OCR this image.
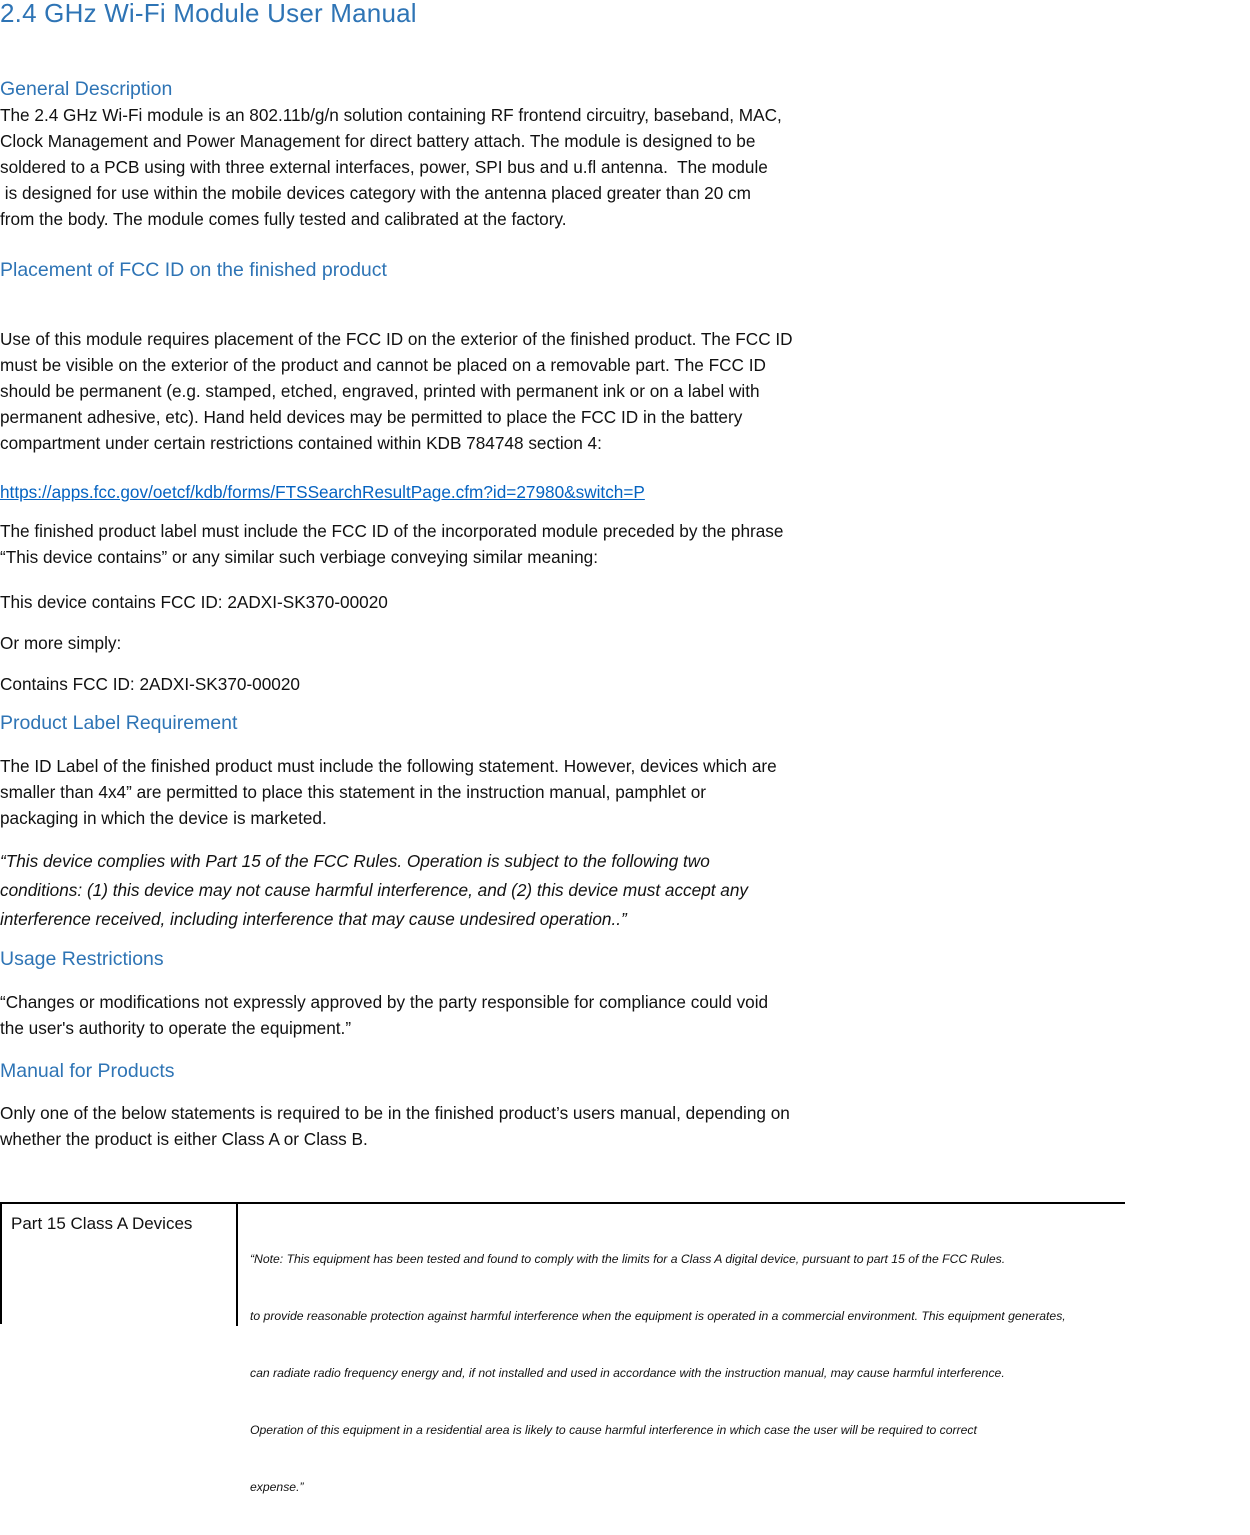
2.4 GHz Wi-Fi Module User Manual
General Description
The 2.4 GHz Wi-Fi module is an 802.11b/g/n solution containing RF frontend circuitry, baseband, MAC,
Clock Management and Power Management for direct battery attach. The module is designed to be
soldered to a PCB using with three external interfaces, power, SPI bus and u.fl antenna.  The module
is designed for use within the mobile devices category with the antenna placed greater than 20 cm
from the body. The module comes fully tested and calibrated at the factory.
Placement of FCC ID on the finished product
Use of this module requires placement of the FCC ID on the exterior of the finished product. The FCC ID
must be visible on the exterior of the product and cannot be placed on a removable part. The FCC ID
should be permanent (e.g. stamped, etched, engraved, printed with permanent ink or on a label with
permanent adhesive, etc). Hand held devices may be permitted to place the FCC ID in the battery
compartment under certain restrictions contained within KDB 784748 section 4:
https://apps.fcc.gov/oetcf/kdb/forms/FTSSearchResultPage.cfm?id=27980&switch=P
The finished product label must include the FCC ID of the incorporated module preceded by the phrase
“This device contains” or any similar such verbiage conveying similar meaning:
This device contains FCC ID: 2ADXI-SK370-00020
Or more simply:
Contains FCC ID: 2ADXI-SK370-00020
Product Label Requirement
The ID Label of the finished product must include the following statement. However, devices which are
smaller than 4x4” are permitted to place this statement in the instruction manual, pamphlet or
packaging in which the device is marketed.
“This device complies with Part 15 of the FCC Rules. Operation is subject to the following two
conditions: (1) this device may not cause harmful interference, and (2) this device must accept any
interference received, including interference that may cause undesired operation..”
Usage Restrictions
“Changes or modifications not expressly approved by the party responsible for compliance could void
the user's authority to operate the equipment.”
Manual for Products
Only one of the below statements is required to be in the finished product’s users manual, depending on
whether the product is either Class A or Class B.
Part 15 Class A Devices

“Note: This equipment has been tested and found to comply with the limits for a Class A digital device, pursuant to part 15 of the FCC Rules.

to provide reasonable protection against harmful interference when the equipment is operated in a commercial environment. This equipment generates,

can radiate radio frequency energy and, if not installed and used in accordance with the instruction manual, may cause harmful interference.

Operation of this equipment in a residential area is likely to cause harmful interference in which case the user will be required to correct

expense.”
